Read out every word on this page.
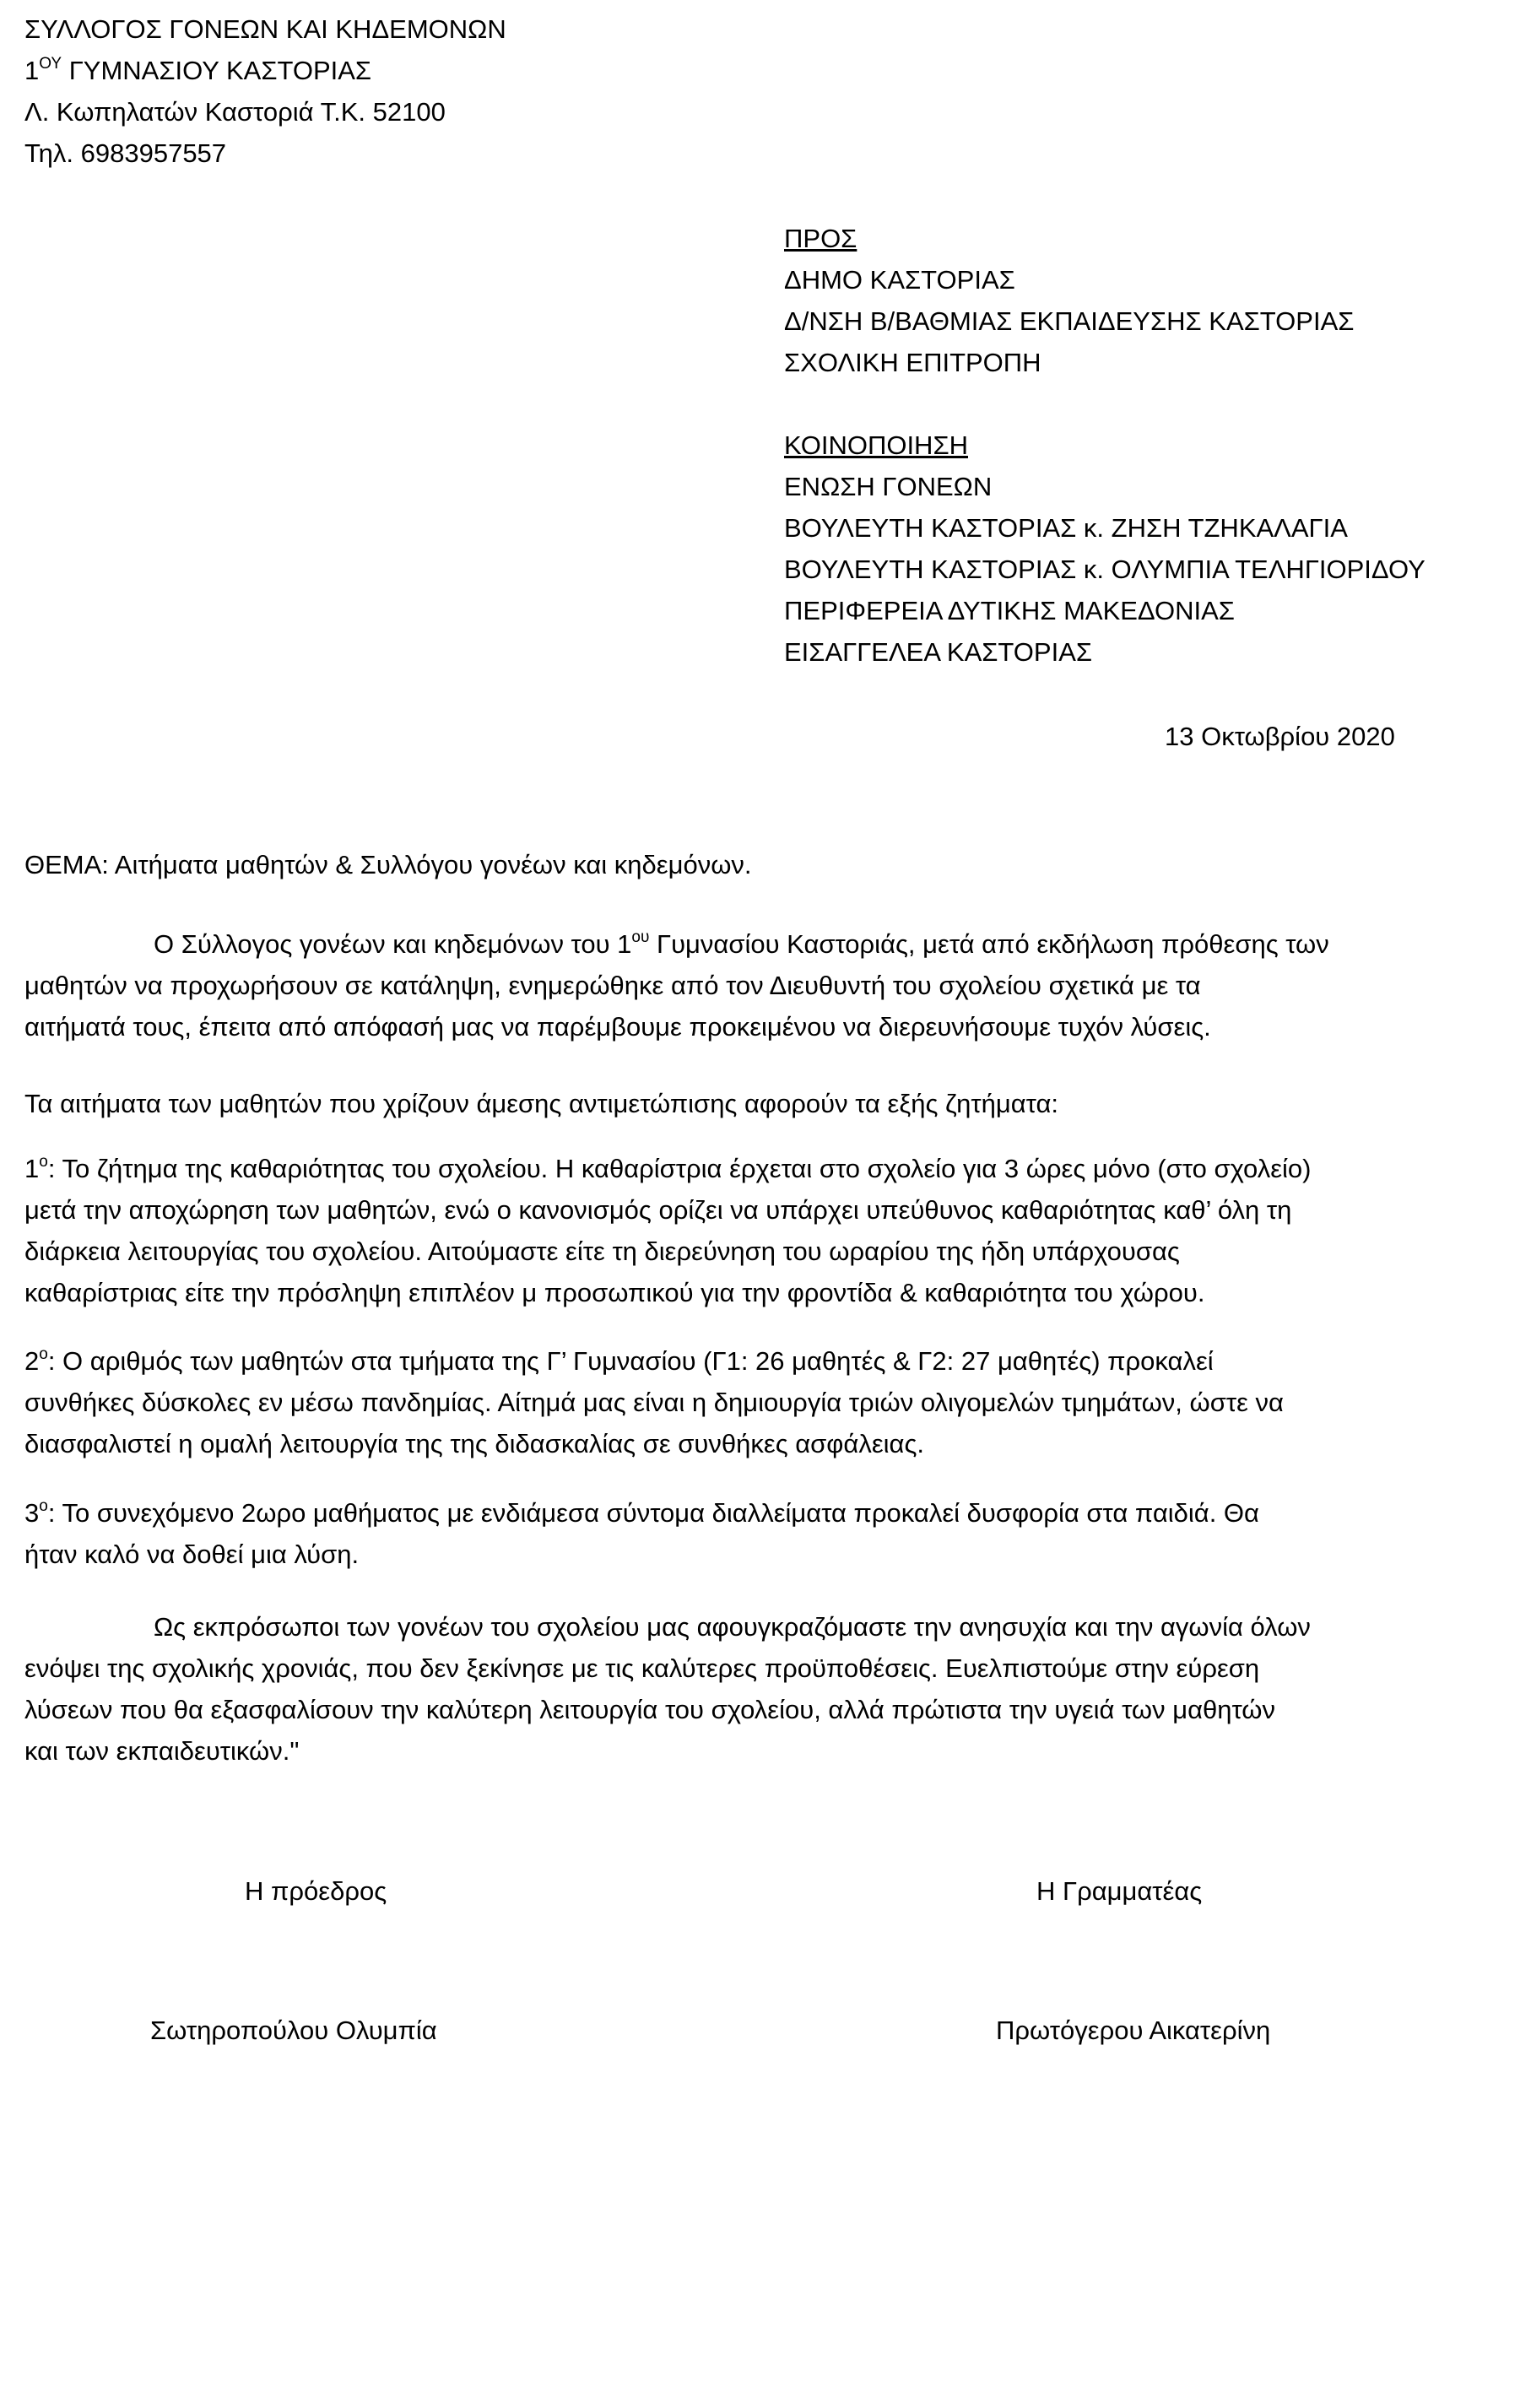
ΣΥΛΛΟΓΟΣ ΓΟΝΕΩΝ ΚΑΙ ΚΗΔΕΜΟΝΩΝ
$1^{O\Upsilon}$ ΓΥΜΝΑΣΙΟΥ ΚΑΣΤΟΡΙΑΣ
Λ. Κωπηλατών Καστοριά Τ.Κ. 52100
Τηλ. 6983957557
ΠΡΟΣ
ΔΗΜΟ ΚΑΣΤΟΡΙΑΣ
Δ/ΝΣΗ Β/ΒΑΘΜΙΑΣ ΕΚΠΑΙΔΕΥΣΗΣ ΚΑΣΤΟΡΙΑΣ
ΣΧΟΛΙΚΗ ΕΠΙΤΡΟΠΗ
ΚΟΙΝΟΠΟΙΗΣΗ
ΕΝΩΣΗ ΓΟΝΕΩΝ
ΒΟΥΛΕΥΤΗ ΚΑΣΤΟΡΙΑΣ κ. ΖΗΣΗ ΤΖΗΚΑΛΑΓΙΑ
ΒΟΥΛΕΥΤΗ ΚΑΣΤΟΡΙΑΣ κ. ΟΛΥΜΠΙΑ ΤΕΛΗΓΙΟΡΙΔΟΥ
ΠΕΡΙΦΕΡΕΙΑ ΔΥΤΙΚΗΣ ΜΑΚΕΔΟΝΙΑΣ
ΕΙΣΑΓΓΕΛΕΑ ΚΑΣΤΟΡΙΑΣ
13 Οκτωβρίου 2020
ΘΕΜΑ: Αιτήματα μαθητών & Συλλόγου γονέων και κηδεμόνων.
Ο Σύλλογος γονέων και κηδεμόνων του $1^{o\upsilon}$ Γυμνασίου Καστοριάς, μετά από εκδήλωση πρόθεσης των
μαθητών να προχωρήσουν σε κατάληψη, ενημερώθηκε από τον Διευθυντή του σχολείου σχετικά με τα
αιτήματά τους, έπειτα από απόφασή μας να παρέμβουμε προκειμένου να διερευνήσουμε τυχόν λύσεις.
Τα αιτήματα των μαθητών που χρίζουν άμεσης αντιμετώπισης αφορούν τα εξής ζητήματα:
$1^o$: Το ζήτημα της καθαριότητας του σχολείου. Η καθαρίστρια έρχεται στο σχολείο για 3 ώρες μόνο (στο σχολείο)
μετά την αποχώρηση των μαθητών, ενώ ο κανονισμός ορίζει να υπάρχει υπεύθυνος καθαριότητας καθ’ όλη τη
διάρκεια λειτουργίας του σχολείου. Αιτούμαστε είτε τη διερεύνηση του ωραρίου της ήδη υπάρχουσας
καθαρίστριας είτε την πρόσληψη επιπλέον μ προσωπικού για την φροντίδα & καθαριότητα του χώρου.
$2^o$: Ο αριθμός των μαθητών στα τμήματα της Γ’ Γυμνασίου (Γ1: 26 μαθητές & Γ2: 27 μαθητές) προκαλεί
συνθήκες δύσκολες εν μέσω πανδημίας. Αίτημά μας είναι η δημιουργία τριών ολιγομελών τμημάτων, ώστε να
διασφαλιστεί η ομαλή λειτουργία της της διδασκαλίας σε συνθήκες ασφάλειας.
$3^o$: Το συνεχόμενο 2ωρο μαθήματος με ενδιάμεσα σύντομα διαλλείματα προκαλεί δυσφορία στα παιδιά. Θα
ήταν καλό να δοθεί μια λύση.
Ως εκπρόσωποι των γονέων του σχολείου μας αφουγκραζόμαστε την ανησυχία και την αγωνία όλων
ενόψει της σχολικής χρονιάς, που δεν ξεκίνησε με τις καλύτερες προϋποθέσεις. Ευελπιστούμε στην εύρεση
λύσεων που θα εξασφαλίσουν την καλύτερη λειτουργία του σχολείου, αλλά πρώτιστα την υγειά των μαθητών
και των εκπαιδευτικών."
Η πρόεδρος	Η Γραμματέας
Σωτηροπούλου Ολυμπία	Πρωτόγερου Αικατερίνη
